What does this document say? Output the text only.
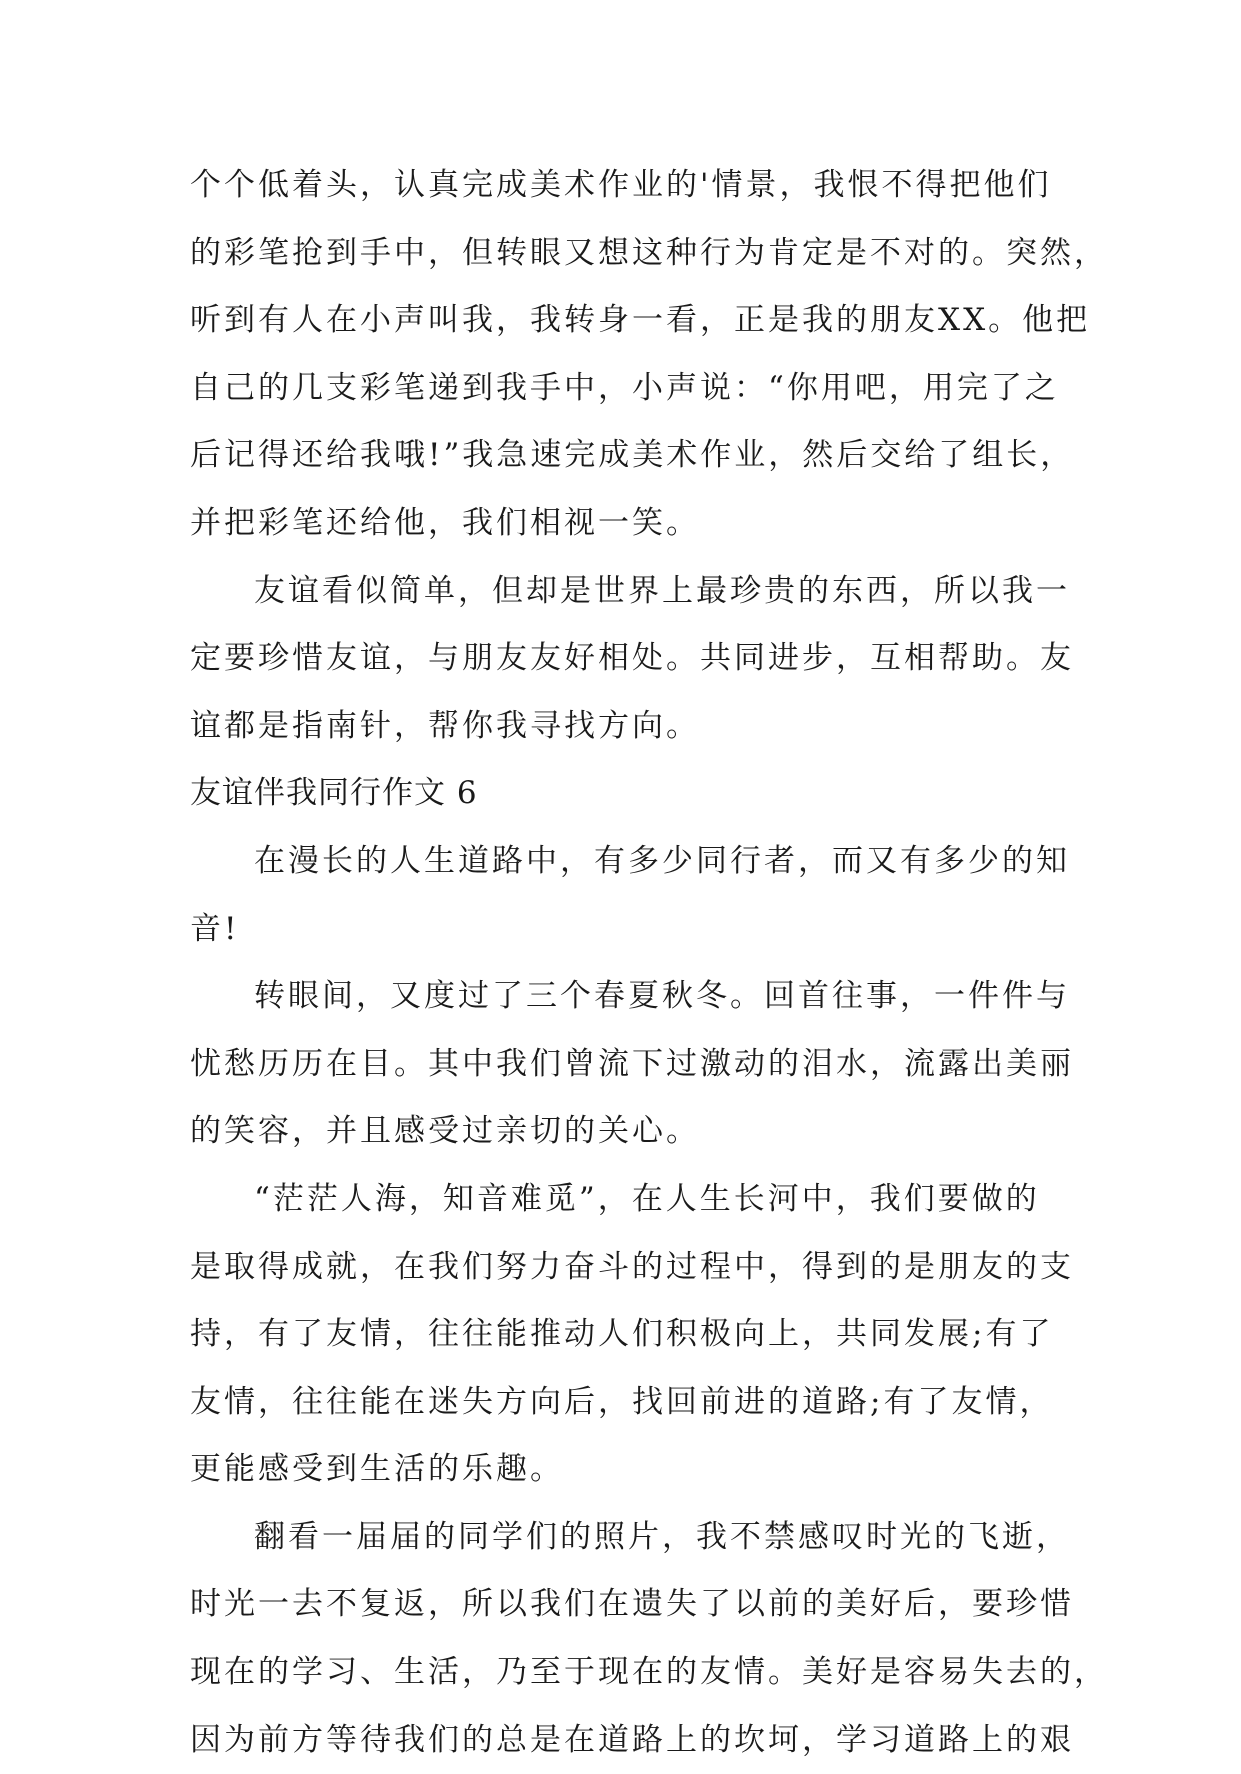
个个低着头，认真完成美术作业的'情景，我恨不得把他们
的彩笔抢到手中，但转眼又想这种行为肯定是不对的。突然，
听到有人在小声叫我，我转身一看，正是我的朋友XX。他把
自己的几支彩笔递到我手中，小声说：“你用吧，用完了之
后记得还给我哦!”我急速完成美术作业，然后交给了组长，
并把彩笔还给他，我们相视一笑。
友谊看似简单，但却是世界上最珍贵的东西，所以我一
定要珍惜友谊，与朋友友好相处。共同进步，互相帮助。友
谊都是指南针，帮你我寻找方向。
友谊伴我同行作文 6
在漫长的人生道路中，有多少同行者，而又有多少的知
音!
转眼间，又度过了三个春夏秋冬。回首往事，一件件与
忧愁历历在目。其中我们曾流下过激动的泪水，流露出美丽
的笑容，并且感受过亲切的关心。
“茫茫人海，知音难觅”，在人生长河中，我们要做的
是取得成就，在我们努力奋斗的过程中，得到的是朋友的支
持，有了友情，往往能推动人们积极向上，共同发展;有了
友情，往往能在迷失方向后，找回前进的道路;有了友情，
更能感受到生活的乐趣。
翻看一届届的同学们的照片，我不禁感叹时光的飞逝，
时光一去不复返，所以我们在遗失了以前的美好后，要珍惜
现在的学习、生活，乃至于现在的友情。美好是容易失去的，
因为前方等待我们的总是在道路上的坎坷，学习道路上的艰
